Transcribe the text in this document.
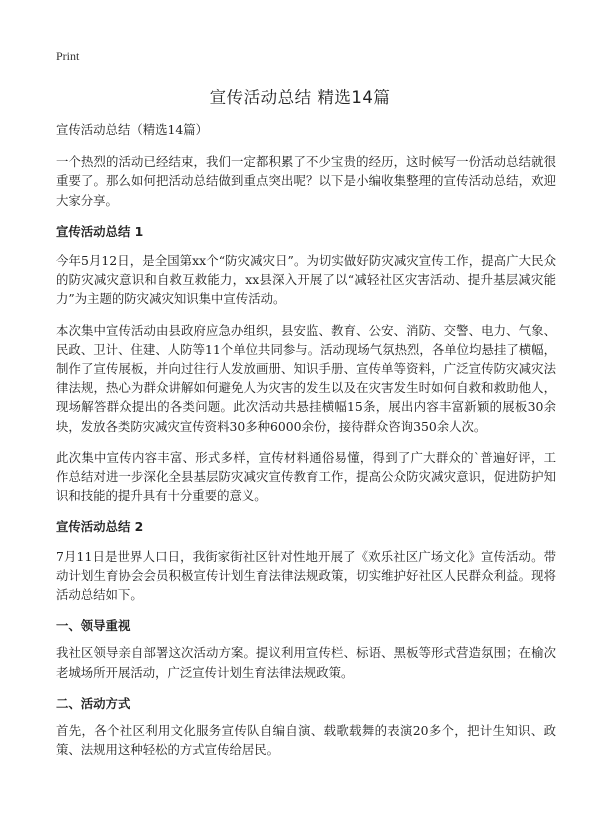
Print
宣传活动总结 精选14篇
宣传活动总结（精选14篇）

一个热烈的活动已经结束，我们一定都积累了不少宝贵的经历，这时候写一份活动总结就很重要了。那么如何把活动总结做到重点突出呢？以下是小编收集整理的宣传活动总结，欢迎大家分享。

宣传活动总结 1

今年5月12日，是全国第xx个“防灾减灾日”。为切实做好防灾减灾宣传工作，提高广大民众的防灾减灾意识和自救互救能力，xx县深入开展了以“减轻社区灾害活动、提升基层减灾能力”为主题的防灾减灾知识集中宣传活动。

本次集中宣传活动由县政府应急办组织，县安监、教育、公安、消防、交警、电力、气象、民政、卫计、住建、人防等11个单位共同参与。活动现场气氛热烈，各单位均悬挂了横幅，制作了宣传展板，并向过往行人发放画册、知识手册、宣传单等资料，广泛宣传防灾减灾法律法规，热心为群众讲解如何避免人为灾害的发生以及在灾害发生时如何自救和救助他人，现场解答群众提出的各类问题。此次活动共悬挂横幅15条，展出内容丰富新颖的展板30余块，发放各类防灾减灾宣传资料30多种6000余份，接待群众咨询350余人次。

此次集中宣传内容丰富、形式多样，宣传材料通俗易懂，得到了广大群众的`普遍好评，工作总结对进一步深化全县基层防灾减灾宣传教育工作，提高公众防灾减灾意识，促进防护知识和技能的提升具有十分重要的意义。

宣传活动总结 2

7月11日是世界人口日，我街家街社区针对性地开展了《欢乐社区广场文化》宣传活动。带动计划生育协会会员积极宣传计划生育法律法规政策，切实维护好社区人民群众利益。现将活动总结如下。

一、领导重视

我社区领导亲自部署这次活动方案。提议利用宣传栏、标语、黑板等形式营造氛围；在榆次老城场所开展活动，广泛宣传计划生育法律法规政策。

二、活动方式

首先，各个社区利用文化服务宣传队自编自演、载歌载舞的表演20多个，把计生知识、政策、法规用这种轻松的方式宣传给居民。
